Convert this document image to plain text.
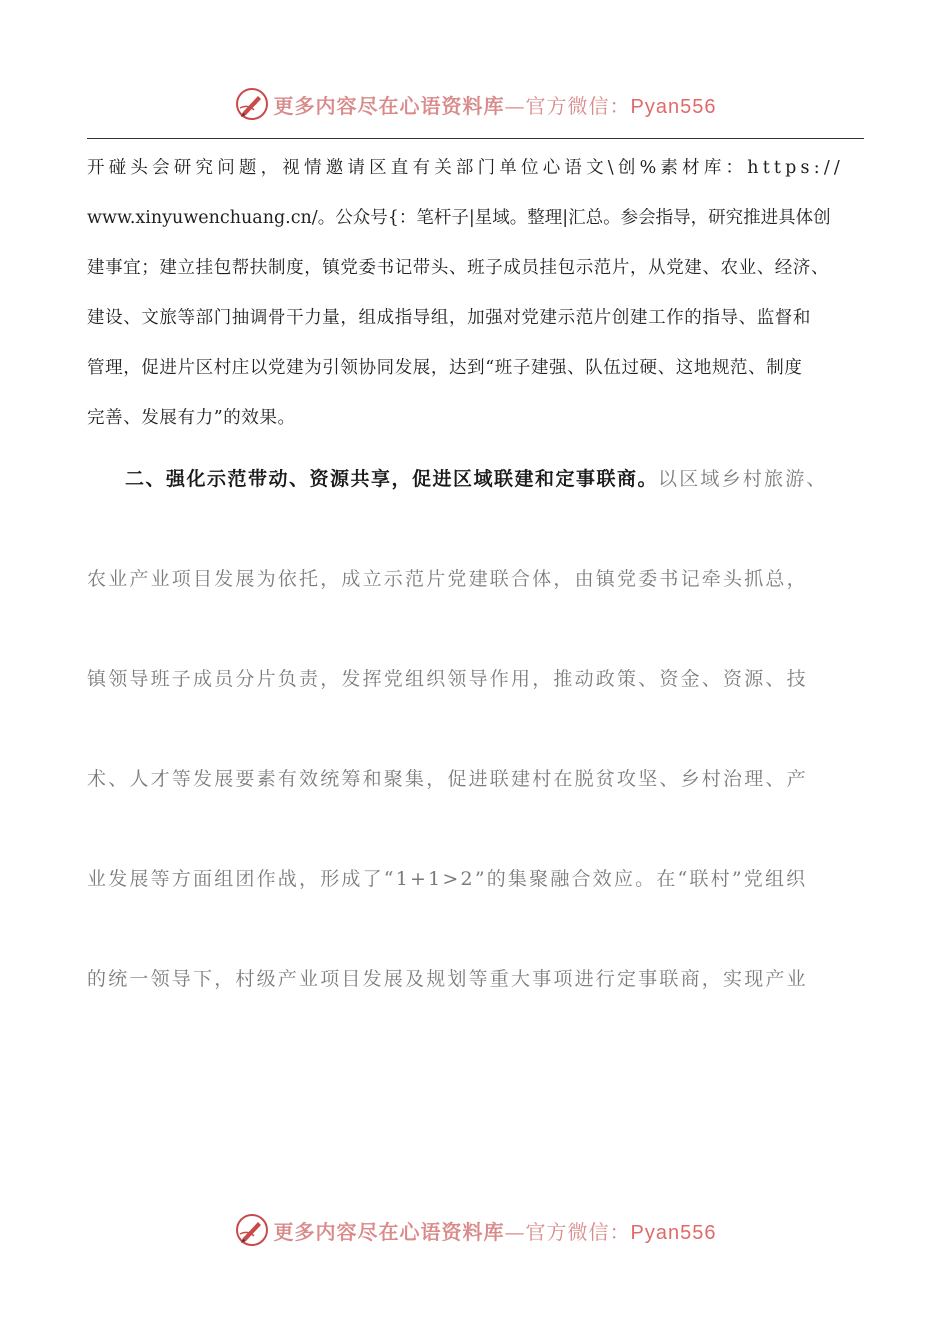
更多内容尽在心语资料库—官方微信：Pyan556
开碰头会研究问题，视情邀请区直有关部门单位心语文\创%素材库：https://
www.xinyuwenchuang.cn/。公众号{：笔杆子|星域。整理|汇总。参会指导，研究推进具体创
建事宜；建立挂包帮扶制度，镇党委书记带头、班子成员挂包示范片，从党建、农业、经济、
建设、文旅等部门抽调骨干力量，组成指导组，加强对党建示范片创建工作的指导、监督和
管理，促进片区村庄以党建为引领协同发展，达到“班子建强、队伍过硬、这地规范、制度
完善、发展有力”的效果。
二、强化示范带动、资源共享，促进区域联建和定事联商。以区域乡村旅游、
农业产业项目发展为依托，成立示范片党建联合体，由镇党委书记牵头抓总，
镇领导班子成员分片负责，发挥党组织领导作用，推动政策、资金、资源、技
术、人才等发展要素有效统筹和聚集，促进联建村在脱贫攻坚、乡村治理、产
业发展等方面组团作战，形成了“1+1>2”的集聚融合效应。在“联村”党组织
的统一领导下，村级产业项目发展及规划等重大事项进行定事联商，实现产业
更多内容尽在心语资料库—官方微信：Pyan556
